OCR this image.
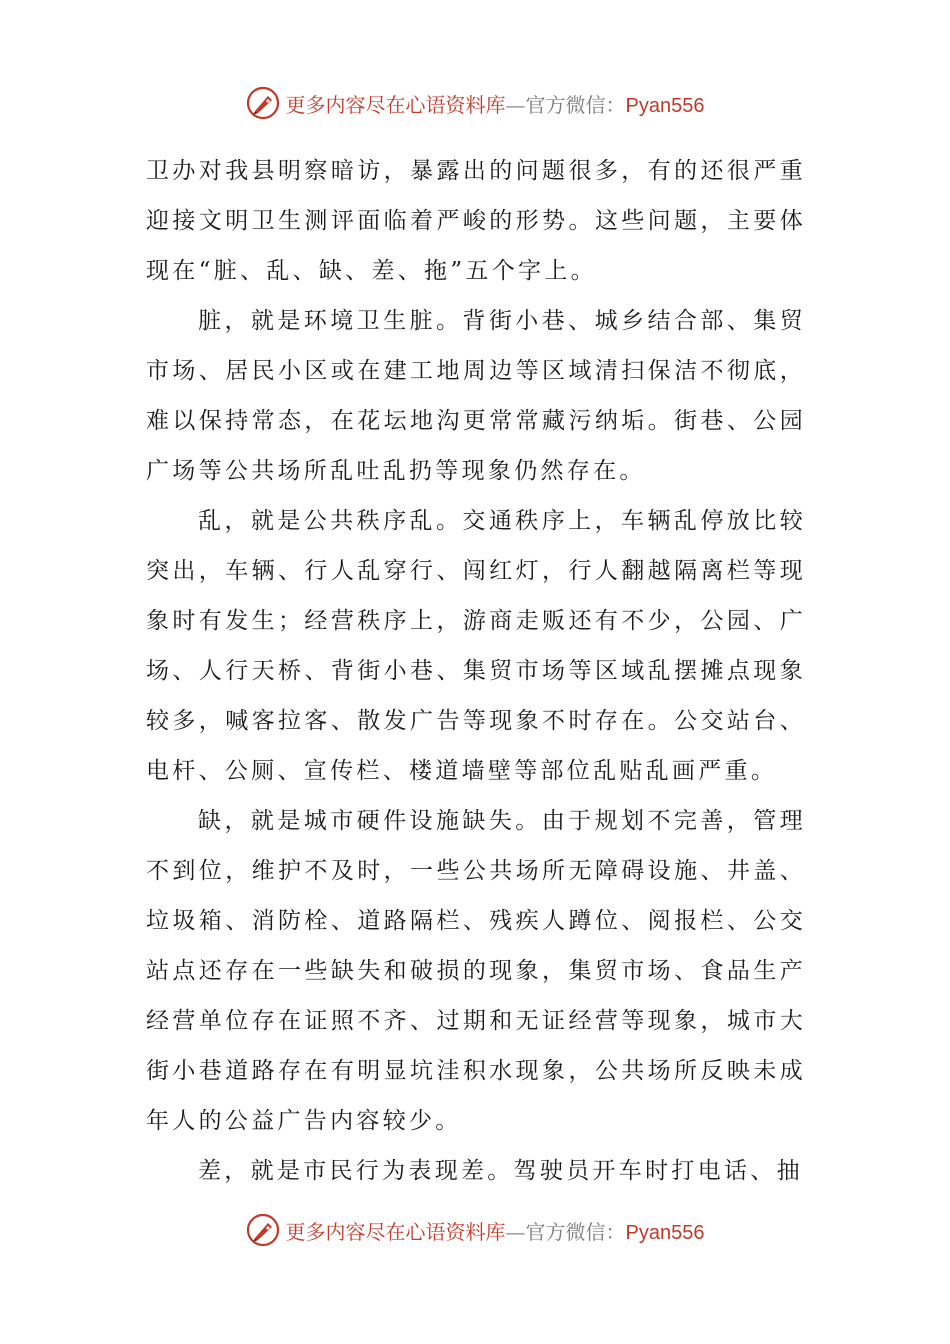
更多内容尽在心语资料库—官方微信：Pyan556

卫办对我县明察暗访，暴露出的问题很多，有的还很严重迎接文明卫生测评面临着严峻的形势。这些问题，主要体现在“脏、乱、缺、差、拖”五个字上。

脏，就是环境卫生脏。背街小巷、城乡结合部、集贸市场、居民小区或在建工地周边等区域清扫保洁不彻底，难以保持常态，在花坛地沟更常常藏污纳垢。街巷、公园广场等公共场所乱吐乱扔等现象仍然存在。

乱，就是公共秩序乱。交通秩序上，车辆乱停放比较突出，车辆、行人乱穿行、闯红灯，行人翻越隔离栏等现象时有发生；经营秩序上，游商走贩还有不少，公园、广场、人行天桥、背街小巷、集贸市场等区域乱摆摊点现象较多，喊客拉客、散发广告等现象不时存在。公交站台、电杆、公厕、宣传栏、楼道墙壁等部位乱贴乱画严重。

缺，就是城市硬件设施缺失。由于规划不完善，管理不到位，维护不及时，一些公共场所无障碍设施、井盖、垃圾箱、消防栓、道路隔栏、残疾人蹲位、阅报栏、公交站点还存在一些缺失和破损的现象，集贸市场、食品生产经营单位存在证照不齐、过期和无证经营等现象，城市大街小巷道路存在有明显坑洼积水现象，公共场所反映未成年人的公益广告内容较少。

差，就是市民行为表现差。驾驶员开车时打电话、抽

更多内容尽在心语资料库—官方微信：Pyan556
